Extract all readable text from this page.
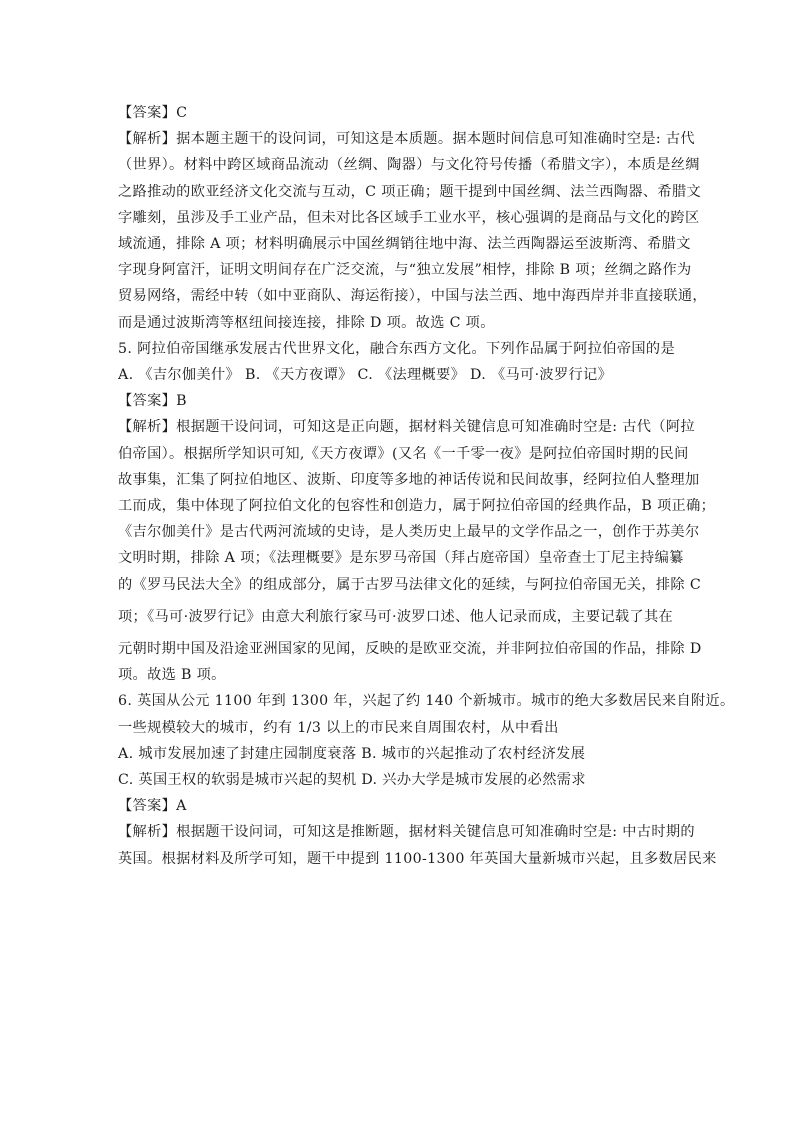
【答案】C
【解析】据本题主题干的设问词，可知这是本质题。据本题时间信息可知准确时空是: 古代
（世界）。材料中跨区域商品流动（丝绸、陶器）与文化符号传播（希腊文字），本质是丝绸
之路推动的欧亚经济文化交流与互动，C 项正确；题干提到中国丝绸、法兰西陶器、希腊文
字雕刻，虽涉及手工业产品，但未对比各区域手工业水平，核心强调的是商品与文化的跨区
域流通，排除 A 项；材料明确展示中国丝绸销往地中海、法兰西陶器运至波斯湾、希腊文
字现身阿富汗，证明文明间存在广泛交流，与“独立发展”相悖，排除 B 项；丝绸之路作为
贸易网络，需经中转（如中亚商队、海运衔接），中国与法兰西、地中海西岸并非直接联通，
而是通过波斯湾等枢纽间接连接，排除 D 项。故选 C 项。
5. 阿拉伯帝国继承发展古代世界文化，融合东西方文化。下列作品属于阿拉伯帝国的是
A. 《吉尔伽美什》 B. 《天方夜谭》 C. 《法理概要》 D. 《马可·波罗行记》
【答案】B
【解析】根据题干设问词，可知这是正向题，据材料关键信息可知准确时空是: 古代（阿拉
伯帝国）。根据所学知识可知,《天方夜谭》(又名《一千零一夜》是阿拉伯帝国时期的民间
故事集，汇集了阿拉伯地区、波斯、印度等多地的神话传说和民间故事，经阿拉伯人整理加
工而成，集中体现了阿拉伯文化的包容性和创造力，属于阿拉伯帝国的经典作品，B 项正确；
《吉尔伽美什》是古代两河流域的史诗，是人类历史上最早的文学作品之一，创作于苏美尔
文明时期，排除 A 项；《法理概要》是东罗马帝国（拜占庭帝国）皇帝查士丁尼主持编纂
的《罗马民法大全》的组成部分，属于古罗马法律文化的延续，与阿拉伯帝国无关，排除 C
项；《马可·波罗行记》由意大利旅行家马可·波罗口述、他人记录而成，主要记载了其在
元朝时期中国及沿途亚洲国家的见闻，反映的是欧亚交流，并非阿拉伯帝国的作品，排除 D
项。故选 B 项。
6. 英国从公元 1100 年到 1300 年，兴起了约 140 个新城市。城市的绝大多数居民来自附近。
一些规模较大的城市，约有 1/3 以上的市民来自周围农村，从中看出
A. 城市发展加速了封建庄园制度衰落 B. 城市的兴起推动了农村经济发展
C. 英国王权的软弱是城市兴起的契机 D. 兴办大学是城市发展的必然需求
【答案】A
【解析】根据题干设问词，可知这是推断题，据材料关键信息可知准确时空是: 中古时期的
英国。根据材料及所学可知，题干中提到 1100-1300 年英国大量新城市兴起，且多数居民来
